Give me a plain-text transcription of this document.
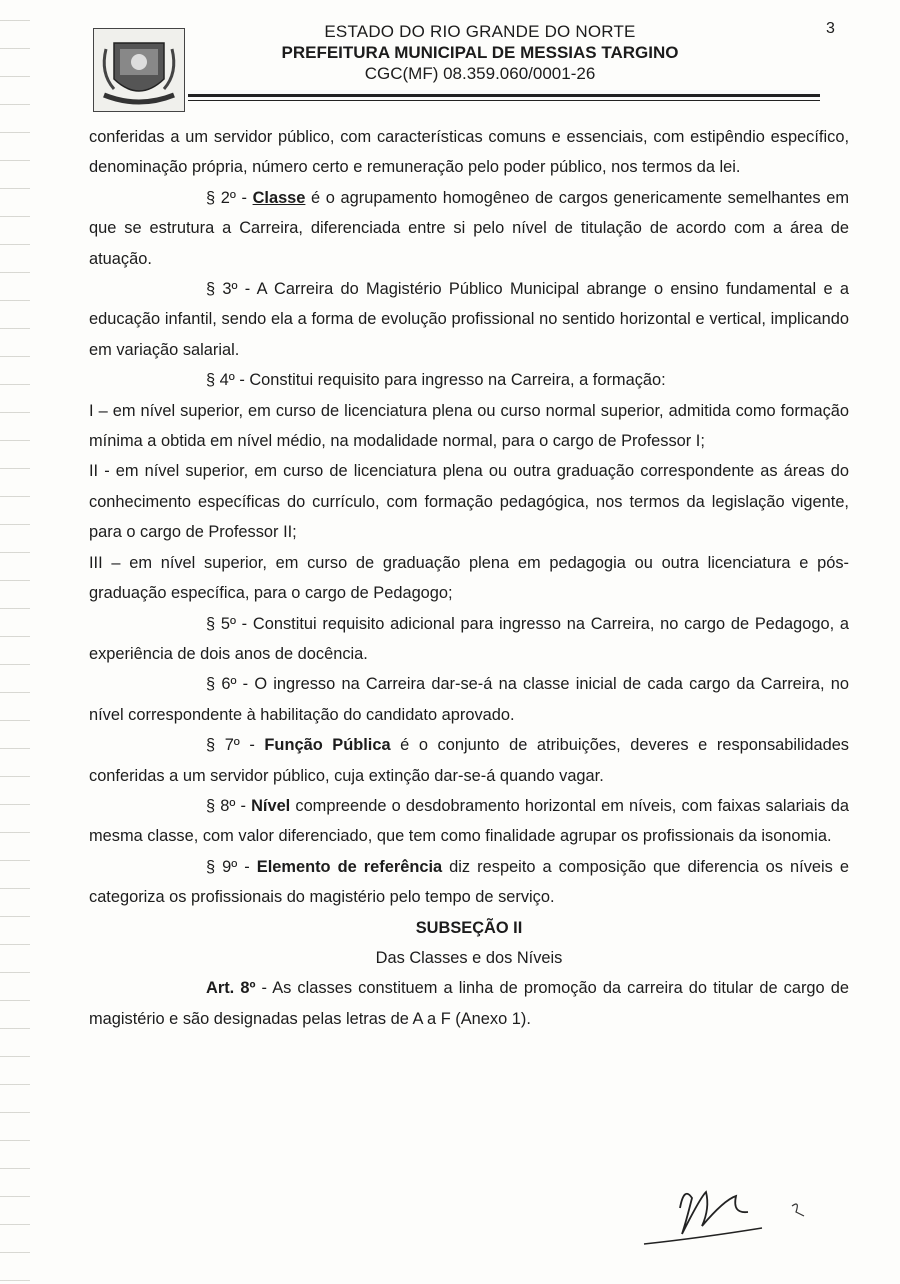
ESTADO DO RIO GRANDE DO NORTE
PREFEITURA MUNICIPAL DE MESSIAS TARGINO
CGC(MF) 08.359.060/0001-26
3

conferidas a um servidor público, com características comuns e essenciais, com estipêndio específico, denominação própria, número certo e remuneração pelo poder público, nos termos da lei.

§ 2º - Classe é o agrupamento homogêneo de cargos genericamente semelhantes em que se estrutura a Carreira, diferenciada entre si pelo nível de titulação de acordo com a área de atuação.

§ 3º - A Carreira do Magistério Público Municipal abrange o ensino fundamental e a educação infantil, sendo ela a forma de evolução profissional no sentido horizontal e vertical, implicando em variação salarial.

§ 4º - Constitui requisito para ingresso na Carreira, a formação:

I – em nível superior, em curso de licenciatura plena ou curso normal superior, admitida como formação mínima a obtida em nível médio, na modalidade normal, para o cargo de Professor I;

II - em nível superior, em curso de licenciatura plena ou outra graduação correspondente as áreas do conhecimento específicas do currículo, com formação pedagógica, nos termos da legislação vigente, para o cargo de Professor II;

III – em nível superior, em curso de graduação plena em pedagogia ou outra licenciatura e pós-graduação específica, para o cargo de Pedagogo;

§ 5º - Constitui requisito adicional para ingresso na Carreira, no cargo de Pedagogo, a experiência de dois anos de docência.

§ 6º - O ingresso na Carreira dar-se-á na classe inicial de cada cargo da Carreira, no nível correspondente à habilitação do candidato aprovado.

§ 7º - Função Pública é o conjunto de atribuições, deveres e responsabilidades conferidas a um servidor público, cuja extinção dar-se-á quando vagar.

§ 8º - Nível compreende o desdobramento horizontal em níveis, com faixas salariais da mesma classe, com valor diferenciado, que tem como finalidade agrupar os profissionais da isonomia.

§ 9º - Elemento de referência diz respeito a composição que diferencia os níveis e categoriza os profissionais do magistério pelo tempo de serviço.

SUBSEÇÃO II

Das Classes e dos Níveis

Art. 8º - As classes constituem a linha de promoção da carreira do titular de cargo de magistério e são designadas pelas letras de A a F (Anexo 1).
